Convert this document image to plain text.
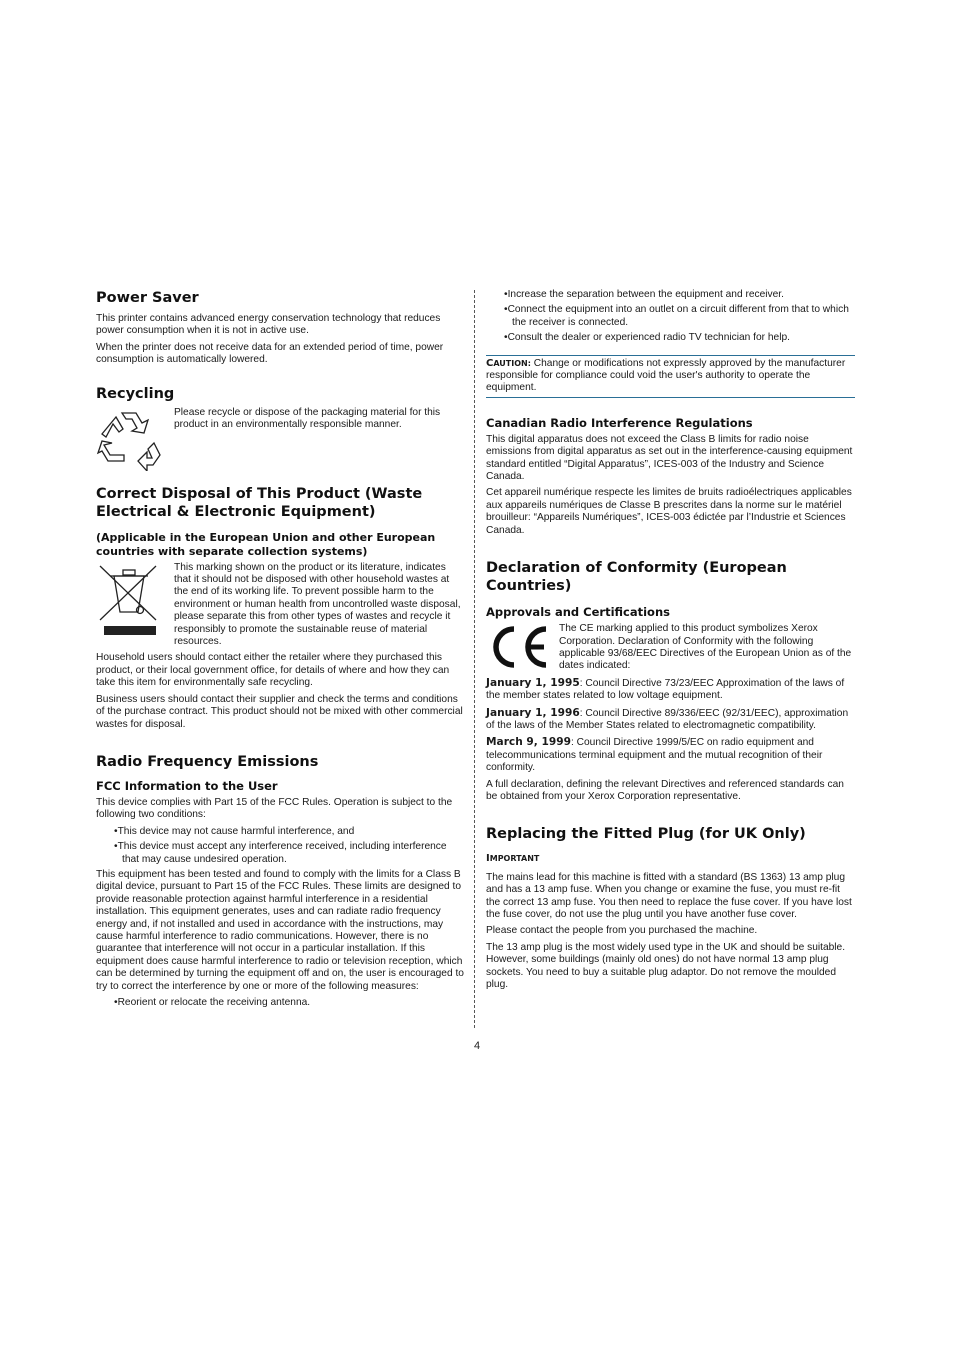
Power Saver

This printer contains advanced energy conservation technology that reduces power consumption when it is not in active use.

When the printer does not receive data for an extended period of time, power consumption is automatically lowered.

Recycling

Please recycle or dispose of the packaging material for this product in an environmentally responsible manner.

Correct Disposal of This Product (Waste Electrical & Electronic Equipment)
(Applicable in the European Union and other European countries with separate collection systems)

This marking shown on the product or its literature, indicates that it should not be disposed with other household wastes at the end of its working life. To prevent possible harm to the environment or human health from uncontrolled waste disposal, please separate this from other types of wastes and recycle it responsibly to promote the sustainable reuse of material resources.

Household users should contact either the retailer where they purchased this product, or their local government office, for details of where and how they can take this item for environmentally safe recycling.

Business users should contact their supplier and check the terms and conditions of the purchase contract. This product should not be mixed with other commercial wastes for disposal.

Radio Frequency Emissions
FCC Information to the User

This device complies with Part 15 of the FCC Rules. Operation is subject to the following two conditions:

•This device may not cause harmful interference, and

•This device must accept any interference received, including interference that may cause undesired operation.

This equipment has been tested and found to comply with the limits for a Class B digital device, pursuant to Part 15 of the FCC Rules. These limits are designed to provide reasonable protection against harmful interference in a residential installation. This equipment generates, uses and can radiate radio frequency energy and, if not installed and used in accordance with the instructions, may cause harmful interference to radio communications. However, there is no guarantee that interference will not occur in a particular installation. If this equipment does cause harmful interference to radio or television reception, which can be determined by turning the equipment off and on, the user is encouraged to try to correct the interference by one or more of the following measures:

•Reorient or relocate the receiving antenna.

•Increase the separation between the equipment and receiver.

•Connect the equipment into an outlet on a circuit different from that to which the receiver is connected.

•Consult the dealer or experienced radio TV technician for help.

CAUTION: Change or modifications not expressly approved by the manufacturer responsible for compliance could void the user's authority to operate the equipment.

Canadian Radio Interference Regulations

This digital apparatus does not exceed the Class B limits for radio noise emissions from digital apparatus as set out in the interference-causing equipment standard entitled “Digital Apparatus”, ICES-003 of the Industry and Science Canada.

Cet appareil numérique respecte les limites de bruits radioélectriques applicables aux appareils numériques de Classe B prescrites dans la norme sur le matériel brouilleur: “Appareils Numériques”, ICES-003 édictée par l’Industrie et Sciences Canada.

Declaration of Conformity (European Countries)
Approvals and Certifications

The CE marking applied to this product symbolizes Xerox Corporation. Declaration of Conformity with the following applicable 93/68/EEC Directives of the European Union as of the dates indicated:

January 1, 1995: Council Directive 73/23/EEC Approximation of the laws of the member states related to low voltage equipment.

January 1, 1996: Council Directive 89/336/EEC (92/31/EEC), approximation of the laws of the Member States related to electromagnetic compatibility.

March 9, 1999: Council Directive 1999/5/EC on radio equipment and telecommunications terminal equipment and the mutual recognition of their conformity.

A full declaration, defining the relevant Directives and referenced standards can be obtained from your Xerox Corporation representative.

Replacing the Fitted Plug (for UK Only)

IMPORTANT

The mains lead for this machine is fitted with a standard (BS 1363) 13 amp plug and has a 13 amp fuse. When you change or examine the fuse, you must re-fit the correct 13 amp fuse. You then need to replace the fuse cover. If you have lost the fuse cover, do not use the plug until you have another fuse cover.

Please contact the people from you purchased the machine.

The 13 amp plug is the most widely used type in the UK and should be suitable. However, some buildings (mainly old ones) do not have normal 13 amp plug sockets. You need to buy a suitable plug adaptor. Do not remove the moulded plug.

4
